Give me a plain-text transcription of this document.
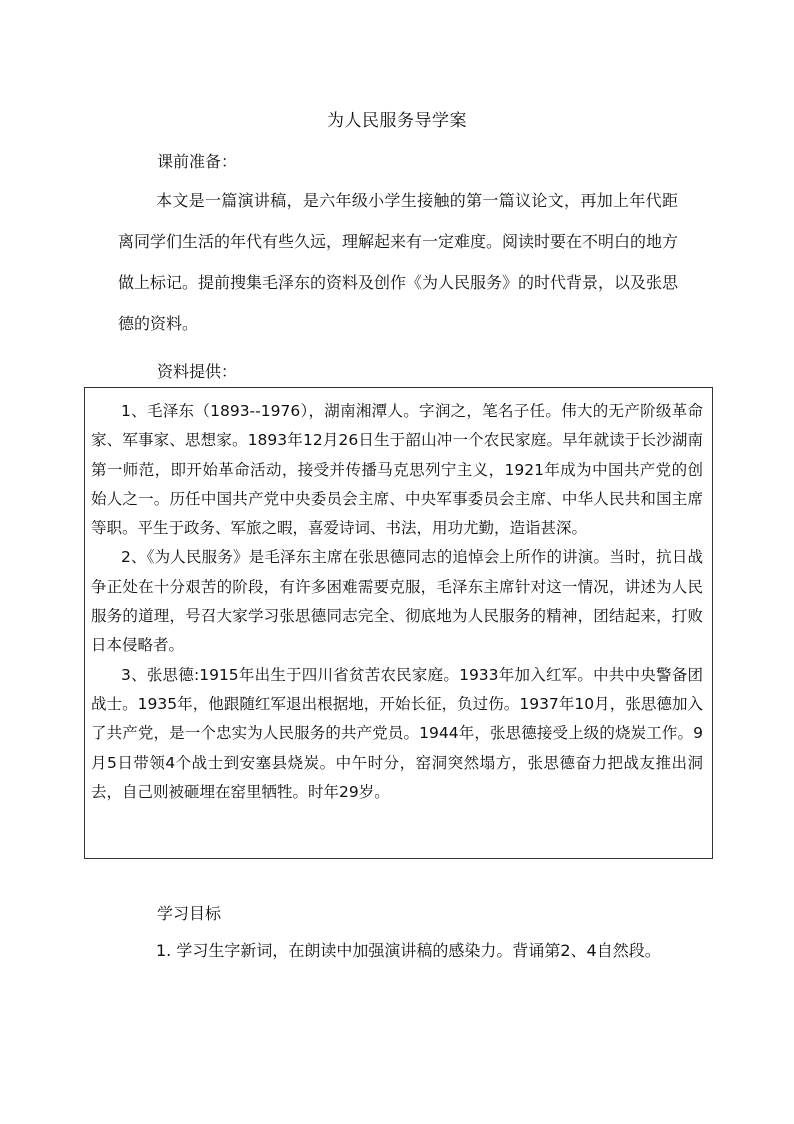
为人民服务导学案
课前准备：
本文是一篇演讲稿，是六年级小学生接触的第一篇议论文，再加上年代距离同学们生活的年代有些久远，理解起来有一定难度。阅读时要在不明白的地方做上标记。提前搜集毛泽东的资料及创作《为人民服务》的时代背景，以及张思德的资料。
资料提供：

1、毛泽东（1893--1976），湖南湘潭人。字润之，笔名子任。伟大的无产阶级革命家、军事家、思想家。1893年12月26日生于韶山冲一个农民家庭。早年就读于长沙湖南第一师范，即开始革命活动，接受并传播马克思列宁主义，1921年成为中国共产党的创始人之一。历任中国共产党中央委员会主席、中央军事委员会主席、中华人民共和国主席等职。平生于政务、军旅之暇，喜爱诗词、书法，用功尤勤，造诣甚深。

2、《为人民服务》是毛泽东主席在张思德同志的追悼会上所作的讲演。当时，抗日战争正处在十分艰苦的阶段，有许多困难需要克服，毛泽东主席针对这一情况，讲述为人民服务的道理，号召大家学习张思德同志完全、彻底地为人民服务的精神，团结起来，打败日本侵略者。

3、张思德:1915年出生于四川省贫苦农民家庭。1933年加入红军。中共中央警备团战士。1935年，他跟随红军退出根据地，开始长征，负过伤。1937年10月，张思德加入了共产党，是一个忠实为人民服务的共产党员。1944年，张思德接受上级的烧炭工作。9月5日带领4个战士到安塞县烧炭。中午时分，窑洞突然塌方，张思德奋力把战友推出洞去，自己则被砸埋在窑里牺牲。时年29岁。

学习目标
1. 学习生字新词，在朗读中加强演讲稿的感染力。背诵第2、4自然段。
